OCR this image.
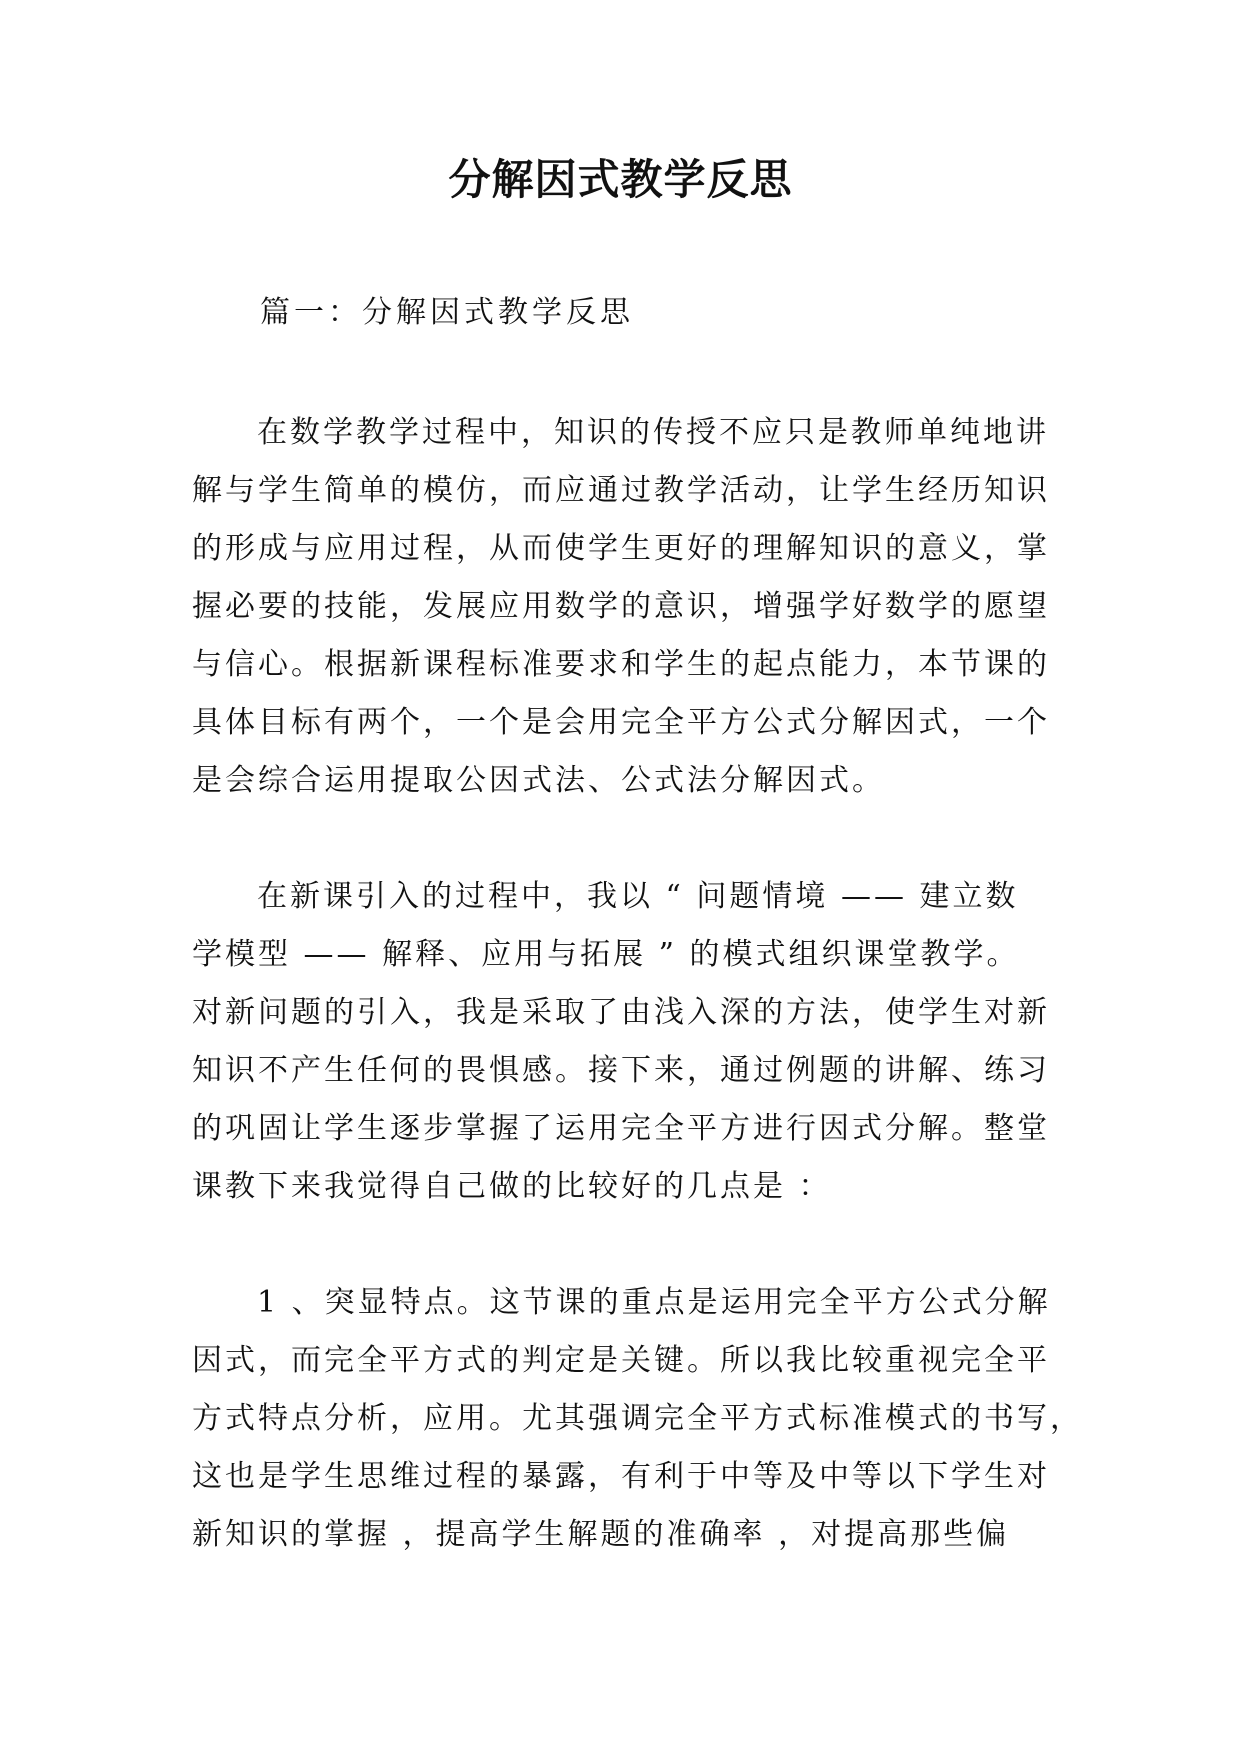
分解因式教学反思

篇一：分解因式教学反思

在数学教学过程中，知识的传授不应只是教师单纯地讲
解与学生简单的模仿，而应通过教学活动，让学生经历知识
的形成与应用过程，从而使学生更好的理解知识的意义，掌
握必要的技能，发展应用数学的意识，增强学好数学的愿望
与信心。根据新课程标准要求和学生的起点能力，本节课的
具体目标有两个，一个是会用完全平方公式分解因式，一个
是会综合运用提取公因式法、公式法分解因式。
在新课引入的过程中，我以 “ 问题情境 —— 建立数
学模型 —— 解释、应用与拓展 ” 的模式组织课堂教学。
对新问题的引入，我是采取了由浅入深的方法，使学生对新
知识不产生任何的畏惧感。接下来，通过例题的讲解、练习
的巩固让学生逐步掌握了运用完全平方进行因式分解。整堂
课教下来我觉得自己做的比较好的几点是 ：
1 、突显特点。这节课的重点是运用完全平方公式分解
因式，而完全平方式的判定是关键。所以我比较重视完全平
方式特点分析，应用。尤其强调完全平方式标准模式的书写，
这也是学生思维过程的暴露，有利于中等及中等以下学生对
新知识的掌握 ，提高学生解题的准确率 ，对提高那些偏
